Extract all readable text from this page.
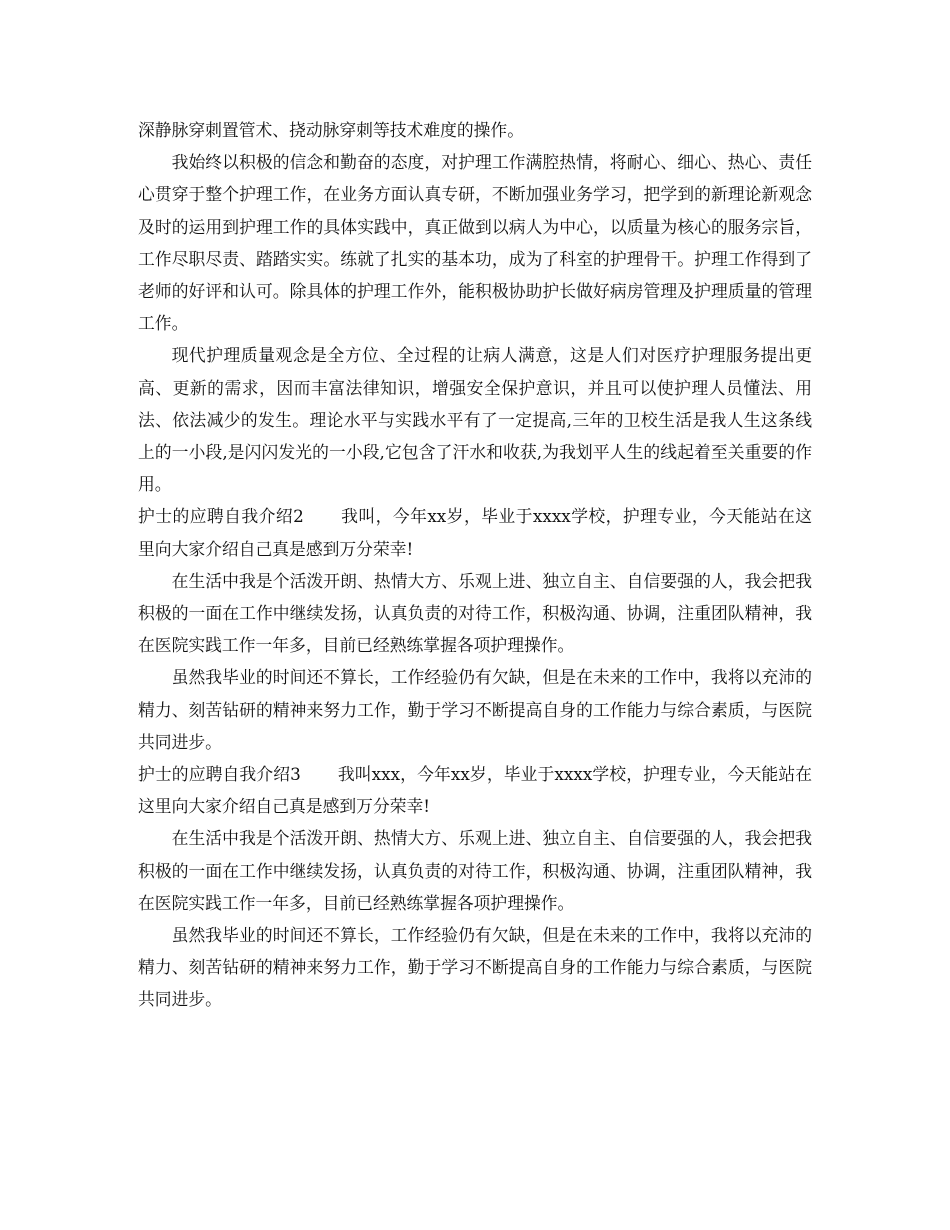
深静脉穿刺置管术、挠动脉穿刺等技术难度的操作。

我始终以积极的信念和勤奋的态度，对护理工作满腔热情，将耐心、细心、热心、责任心贯穿于整个护理工作，在业务方面认真专研，不断加强业务学习，把学到的新理论新观念及时的运用到护理工作的具体实践中，真正做到以病人为中心，以质量为核心的服务宗旨，工作尽职尽责、踏踏实实。练就了扎实的基本功，成为了科室的护理骨干。护理工作得到了老师的好评和认可。除具体的护理工作外，能积极协助护长做好病房管理及护理质量的管理工作。

现代护理质量观念是全方位、全过程的让病人满意，这是人们对医疗护理服务提出更高、更新的需求，因而丰富法律知识，增强安全保护意识，并且可以使护理人员懂法、用法、依法减少的发生。理论水平与实践水平有了一定提高,三年的卫校生活是我人生这条线上的一小段,是闪闪发光的一小段,它包含了汗水和收获,为我划平人生的线起着至关重要的作用。

护士的应聘自我介绍2 我叫，今年xx岁，毕业于xxxx学校，护理专业，今天能站在这里向大家介绍自己真是感到万分荣幸!

在生活中我是个活泼开朗、热情大方、乐观上进、独立自主、自信要强的人，我会把我积极的一面在工作中继续发扬，认真负责的对待工作，积极沟通、协调，注重团队精神，我在医院实践工作一年多，目前已经熟练掌握各项护理操作。

虽然我毕业的时间还不算长，工作经验仍有欠缺，但是在未来的工作中，我将以充沛的精力、刻苦钻研的精神来努力工作，勤于学习不断提高自身的工作能力与综合素质，与医院共同进步。

护士的应聘自我介绍3 我叫xxx，今年xx岁，毕业于xxxx学校，护理专业，今天能站在这里向大家介绍自己真是感到万分荣幸!

在生活中我是个活泼开朗、热情大方、乐观上进、独立自主、自信要强的人，我会把我积极的一面在工作中继续发扬，认真负责的对待工作，积极沟通、协调，注重团队精神，我在医院实践工作一年多，目前已经熟练掌握各项护理操作。

虽然我毕业的时间还不算长，工作经验仍有欠缺，但是在未来的工作中，我将以充沛的精力、刻苦钻研的精神来努力工作，勤于学习不断提高自身的工作能力与综合素质，与医院共同进步。
